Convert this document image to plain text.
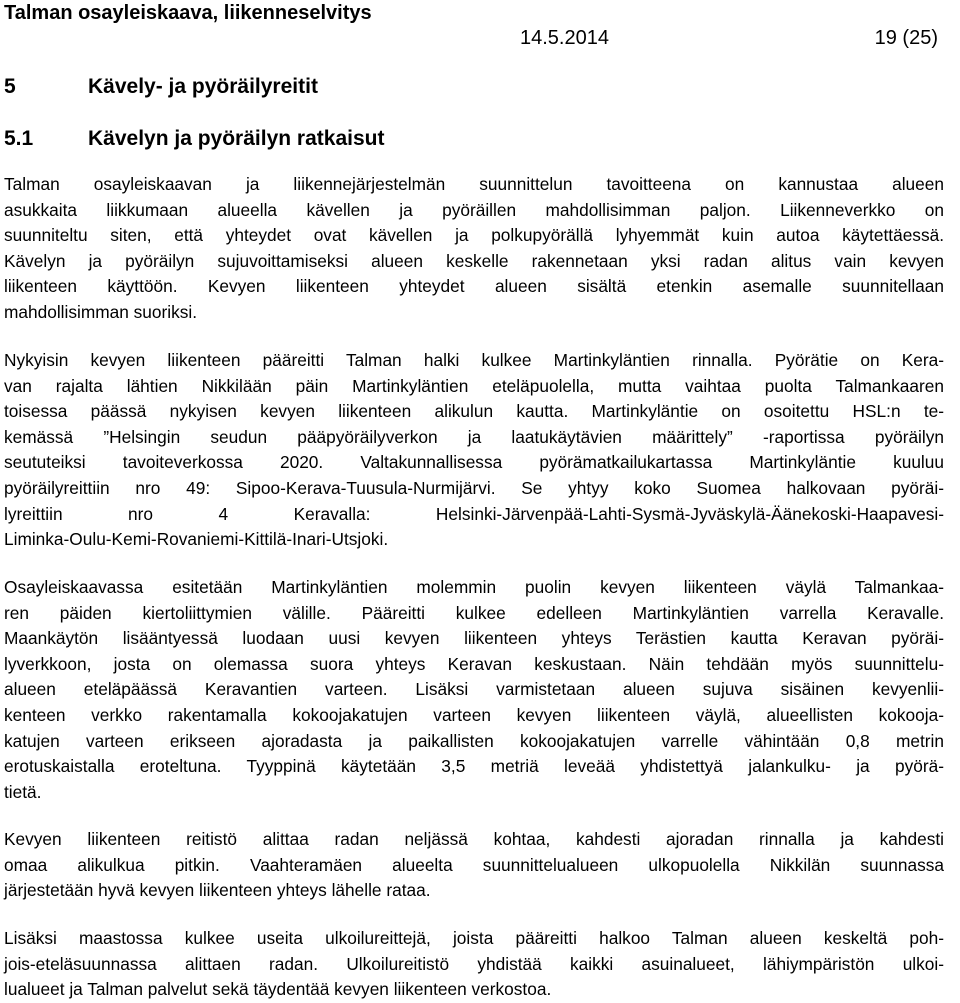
Talman osayleiskaava, liikenneselvitys
14.5.2014	19 (25)
5	Kävely- ja pyöräilyreitit
5.1	Kävelyn ja pyöräilyn ratkaisut
Talman osayleiskaavan ja liikennejärjestelmän suunnittelun tavoitteena on kannustaa alueen
asukkaita liikkumaan alueella kävellen ja pyöräillen mahdollisimman paljon. Liikenneverkko on
suunniteltu siten, että yhteydet ovat kävellen ja polkupyörällä lyhyemmät kuin autoa käytettäessä.
Kävelyn ja pyöräilyn sujuvoittamiseksi alueen keskelle rakennetaan yksi radan alitus vain kevyen
liikenteen käyttöön. Kevyen liikenteen yhteydet alueen sisältä etenkin asemalle suunnitellaan
mahdollisimman suoriksi.
Nykyisin kevyen liikenteen pääreitti Talman halki kulkee Martinkyläntien rinnalla. Pyörätie on Kera-
van rajalta lähtien Nikkilään päin Martinkyläntien eteläpuolella, mutta vaihtaa puolta Talmankaaren
toisessa päässä nykyisen kevyen liikenteen alikulun kautta. Martinkyläntie on osoitettu HSL:n te-
kemässä ”Helsingin seudun pääpyöräilyverkon ja laatukäytävien määrittely” -raportissa pyöräilyn
seututeiksi tavoiteverkossa 2020. Valtakunnallisessa pyörämatkailukartassa Martinkyläntie kuuluu
pyöräilyreittiin nro 49: Sipoo-Kerava-Tuusula-Nurmijärvi. Se yhtyy koko Suomea halkovaan pyöräi-
lyreittiin nro 4 Keravalla: Helsinki-Järvenpää-Lahti-Sysmä-Jyväskylä-Äänekoski-Haapavesi-
Liminka-Oulu-Kemi-Rovaniemi-Kittilä-Inari-Utsjoki.
Osayleiskaavassa esitetään Martinkyläntien molemmin puolin kevyen liikenteen väylä Talmankaa-
ren päiden kiertoliittymien välille. Pääreitti kulkee edelleen Martinkyläntien varrella Keravalle.
Maankäytön lisääntyessä luodaan uusi kevyen liikenteen yhteys Terästien kautta Keravan pyöräi-
lyverkkoon, josta on olemassa suora yhteys Keravan keskustaan. Näin tehdään myös suunnittelu-
alueen eteläpäässä Keravantien varteen. Lisäksi varmistetaan alueen sujuva sisäinen kevyenlii-
kenteen verkko rakentamalla kokoojakatujen varteen kevyen liikenteen väylä, alueellisten kokooja-
katujen varteen erikseen ajoradasta ja paikallisten kokoojakatujen varrelle vähintään 0,8 metrin
erotuskaistalla eroteltuna. Tyyppinä käytetään 3,5 metriä leveää yhdistettyä jalankulku- ja pyörä-
tietä.
Kevyen liikenteen reitistö alittaa radan neljässä kohtaa, kahdesti ajoradan rinnalla ja kahdesti
omaa alikulkua pitkin. Vaahteramäen alueelta suunnittelualueen ulkopuolella Nikkilän suunnassa
järjestetään hyvä kevyen liikenteen yhteys lähelle rataa.
Lisäksi maastossa kulkee useita ulkoilureittejä, joista pääreitti halkoo Talman alueen keskeltä poh-
jois-eteläsuunnassa alittaen radan. Ulkoilureitistö yhdistää kaikki asuinalueet, lähiympäristön ulkoi-
lualueet ja Talman palvelut sekä täydentää kevyen liikenteen verkostoa.
